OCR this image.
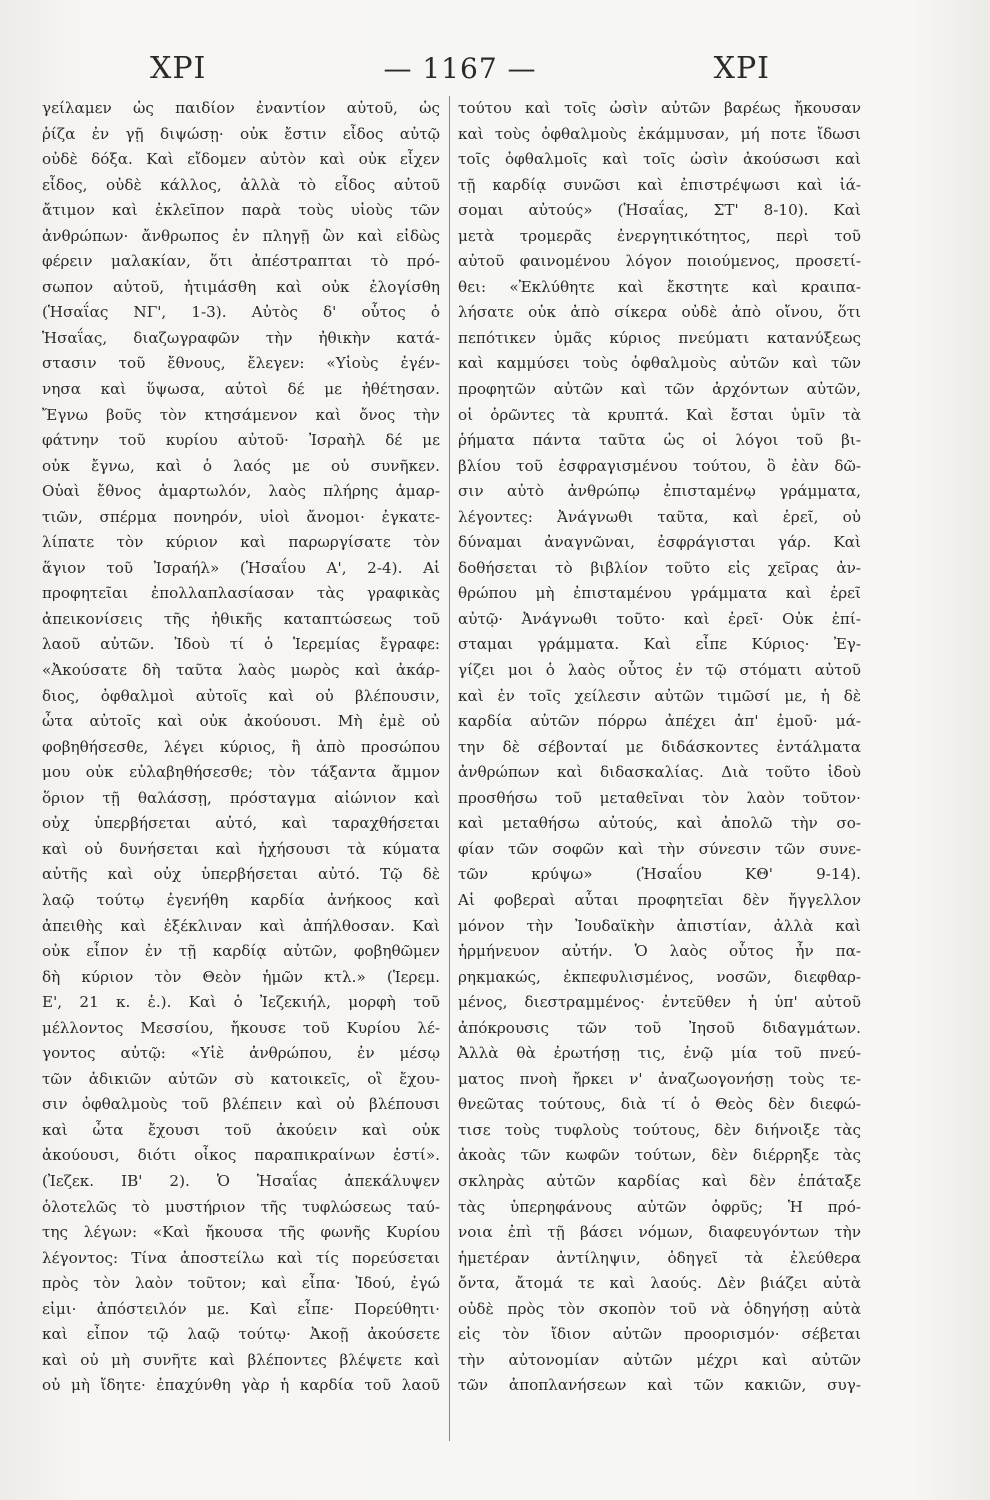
ΧΡΙ	— 1167 —	ΧΡΙ
γείλαμεν ὡς παιδίον ἐναντίον αὐτοῦ, ὡς
ῥίζα ἐν γῇ διψώσῃ· οὐκ ἔστιν εἶδος αὐτῷ
οὐδὲ δόξα. Καὶ εἴδομεν αὐτὸν καὶ οὐκ εἶχεν
εἶδος, οὐδὲ κάλλος, ἀλλὰ τὸ εἶδος αὐτοῦ
ἄτιμον καὶ ἐκλεῖπον παρὰ τοὺς υἱοὺς τῶν
ἀνθρώπων· ἄνθρωπος ἐν πληγῇ ὢν καὶ εἰδὼς
φέρειν μαλακίαν, ὅτι ἀπέστραπται τὸ πρό-
σωπον αὐτοῦ, ἠτιμάσθη καὶ οὐκ ἐλογίσθη
(Ἡσαΐας ΝΓ', 1-3). Αὐτὸς δ' οὗτος ὁ
Ἡσαΐας, διαζωγραφῶν τὴν ἠθικὴν κατά-
στασιν τοῦ ἔθνους, ἔλεγεν: «Υἱοὺς ἐγέν-
νησα καὶ ὕψωσα, αὐτοὶ δέ με ἠθέτησαν.
Ἔγνω βοῦς τὸν κτησάμενον καὶ ὄνος τὴν
φάτνην τοῦ κυρίου αὐτοῦ· Ἰσραὴλ δέ με
οὐκ ἔγνω, καὶ ὁ λαός με οὐ συνῆκεν.
Οὐαὶ ἔθνος ἁμαρτωλόν, λαὸς πλήρης ἁμαρ-
τιῶν, σπέρμα πονηρόν, υἱοὶ ἄνομοι· ἐγκατε-
λίπατε τὸν κύριον καὶ παρωργίσατε τὸν
ἅγιον τοῦ Ἰσραήλ» (Ἡσαΐου Α', 2-4). Αἱ
προφητεῖαι ἐπολλαπλασίασαν τὰς γραφικὰς
ἀπεικονίσεις τῆς ἠθικῆς καταπτώσεως τοῦ
λαοῦ αὐτῶν. Ἰδοὺ τί ὁ Ἱερεμίας ἔγραφε:
«Ἀκούσατε δὴ ταῦτα λαὸς μωρὸς καὶ ἀκάρ-
διος, ὀφθαλμοὶ αὐτοῖς καὶ οὐ βλέπουσιν,
ὦτα αὐτοῖς καὶ οὐκ ἀκούουσι. Μὴ ἐμὲ οὐ
φοβηθήσεσθε, λέγει κύριος, ἢ ἀπὸ προσώπου
μου οὐκ εὐλαβηθήσεσθε; τὸν τάξαντα ἄμμον
ὅριον τῇ θαλάσσῃ, πρόσταγμα αἰώνιον καὶ
οὐχ ὑπερβήσεται αὐτό, καὶ ταραχθήσεται
καὶ οὐ δυνήσεται καὶ ἠχήσουσι τὰ κύματα
αὐτῆς καὶ οὐχ ὑπερβήσεται αὐτό. Τῷ δὲ
λαῷ τούτῳ ἐγενήθη καρδία ἀνήκοος καὶ
ἀπειθὴς καὶ ἐξέκλιναν καὶ ἀπήλθοσαν. Καὶ
οὐκ εἶπον ἐν τῇ καρδίᾳ αὐτῶν, φοβηθῶμεν
δὴ κύριον τὸν Θεὸν ἡμῶν κτλ.» (Ἱερεμ.
Ε', 21 κ. ἑ.). Καὶ ὁ Ἰεζεκιήλ, μορφὴ τοῦ
μέλλοντος Μεσσίου, ἤκουσε τοῦ Κυρίου λέ-
γοντος αὐτῷ: «Υἱὲ ἀνθρώπου, ἐν μέσῳ
τῶν ἀδικιῶν αὐτῶν σὺ κατοικεῖς, οἳ ἔχου-
σιν ὀφθαλμοὺς τοῦ βλέπειν καὶ οὐ βλέπουσι
καὶ ὦτα ἔχουσι τοῦ ἀκούειν καὶ οὐκ
ἀκούουσι, διότι οἶκος παραπικραίνων ἐστί».
(Ἰεζεκ. ΙΒ' 2). Ὁ Ἡσαΐας ἀπεκάλυψεν
ὁλοτελῶς τὸ μυστήριον τῆς τυφλώσεως ταύ-
της λέγων: «Καὶ ἤκουσα τῆς φωνῆς Κυρίου
λέγοντος: Τίνα ἀποστείλω καὶ τίς πορεύσεται
πρὸς τὸν λαὸν τοῦτον; καὶ εἶπα· Ἰδού, ἐγώ
εἰμι· ἀπόστειλόν με. Καὶ εἶπε· Πορεύθητι·
καὶ εἶπον τῷ λαῷ τούτῳ· Ἀκοῇ ἀκούσετε
καὶ οὐ μὴ συνῆτε καὶ βλέποντες βλέψετε καὶ
οὐ μὴ ἴδητε· ἐπαχύνθη γὰρ ἡ καρδία τοῦ λαοῦ
τούτου καὶ τοῖς ὠσὶν αὐτῶν βαρέως ἤκουσαν
καὶ τοὺς ὀφθαλμοὺς ἐκάμμυσαν, μή ποτε ἴδωσι
τοῖς ὀφθαλμοῖς καὶ τοῖς ὠσὶν ἀκούσωσι καὶ
τῇ καρδίᾳ συνῶσι καὶ ἐπιστρέψωσι καὶ ἰά-
σομαι αὐτούς» (Ἡσαΐας, ΣΤ' 8-10). Καὶ
μετὰ τρομερᾶς ἐνεργητικότητος, περὶ τοῦ
αὐτοῦ φαινομένου λόγον ποιούμενος, προσετί-
θει: «Ἐκλύθητε καὶ ἔκστητε καὶ κραιπα-
λήσατε οὐκ ἀπὸ σίκερα οὐδὲ ἀπὸ οἴνου, ὅτι
πεπότικεν ὑμᾶς κύριος πνεύματι κατανύξεως
καὶ καμμύσει τοὺς ὀφθαλμοὺς αὐτῶν καὶ τῶν
προφητῶν αὐτῶν καὶ τῶν ἀρχόντων αὐτῶν,
οἱ ὁρῶντες τὰ κρυπτά. Καὶ ἔσται ὑμῖν τὰ
ῥήματα πάντα ταῦτα ὡς οἱ λόγοι τοῦ βι-
βλίου τοῦ ἐσφραγισμένου τούτου, ὃ ἐὰν δῶ-
σιν αὐτὸ ἀνθρώπῳ ἐπισταμένῳ γράμματα,
λέγοντες: Ἀνάγνωθι ταῦτα, καὶ ἐρεῖ, οὐ
δύναμαι ἀναγνῶναι, ἐσφράγισται γάρ. Καὶ
δοθήσεται τὸ βιβλίον τοῦτο εἰς χεῖρας ἀν-
θρώπου μὴ ἐπισταμένου γράμματα καὶ ἐρεῖ
αὐτῷ· Ἀνάγνωθι τοῦτο· καὶ ἐρεῖ· Οὐκ ἐπί-
σταμαι γράμματα. Καὶ εἶπε Κύριος· Ἐγ-
γίζει μοι ὁ λαὸς οὗτος ἐν τῷ στόματι αὐτοῦ
καὶ ἐν τοῖς χείλεσιν αὐτῶν τιμῶσί με, ἡ δὲ
καρδία αὐτῶν πόρρω ἀπέχει ἀπ' ἐμοῦ· μά-
την δὲ σέβονταί με διδάσκοντες ἐντάλματα
ἀνθρώπων καὶ διδασκαλίας. Διὰ τοῦτο ἰδοὺ
προσθήσω τοῦ μεταθεῖναι τὸν λαὸν τοῦτον·
καὶ μεταθήσω αὐτούς, καὶ ἀπολῶ τὴν σο-
φίαν τῶν σοφῶν καὶ τὴν σύνεσιν τῶν συνε-
τῶν κρύψω» (Ἡσαΐου ΚΘ' 9-14).
Αἱ φοβεραὶ αὗται προφητεῖαι δὲν ἤγγελλον
μόνον τὴν Ἰουδαϊκὴν ἀπιστίαν, ἀλλὰ καὶ
ἡρμήνευον αὐτήν. Ὁ λαὸς οὗτος ἦν πα-
ρηκμακώς, ἐκπεφυλισμένος, νοσῶν, διεφθαρ-
μένος, διεστραμμένος· ἐντεῦθεν ἡ ὑπ' αὐτοῦ
ἀπόκρουσις τῶν τοῦ Ἰησοῦ διδαγμάτων.
Ἀλλὰ θὰ ἐρωτήσῃ τις, ἐνῷ μία τοῦ πνεύ-
ματος πνοὴ ἤρκει ν' ἀναζωογονήσῃ τοὺς τε-
θνεῶτας τούτους, διὰ τί ὁ Θεὸς δὲν διεφώ-
τισε τοὺς τυφλοὺς τούτους, δὲν διήνοιξε τὰς
ἀκοὰς τῶν κωφῶν τούτων, δὲν διέρρηξε τὰς
σκληρὰς αὐτῶν καρδίας καὶ δὲν ἐπάταξε
τὰς ὑπερηφάνους αὐτῶν ὀφρῦς; Ἡ πρό-
νοια ἐπὶ τῇ βάσει νόμων, διαφευγόντων τὴν
ἡμετέραν ἀντίληψιν, ὁδηγεῖ τὰ ἐλεύθερα
ὄντα, ἄτομά τε καὶ λαούς. Δὲν βιάζει αὐτὰ
οὐδὲ πρὸς τὸν σκοπὸν τοῦ νὰ ὁδηγήσῃ αὐτὰ
εἰς τὸν ἴδιον αὐτῶν προορισμόν· σέβεται
τὴν αὐτονομίαν αὐτῶν μέχρι καὶ αὐτῶν
τῶν ἀποπλανήσεων καὶ τῶν κακιῶν, συγ-
